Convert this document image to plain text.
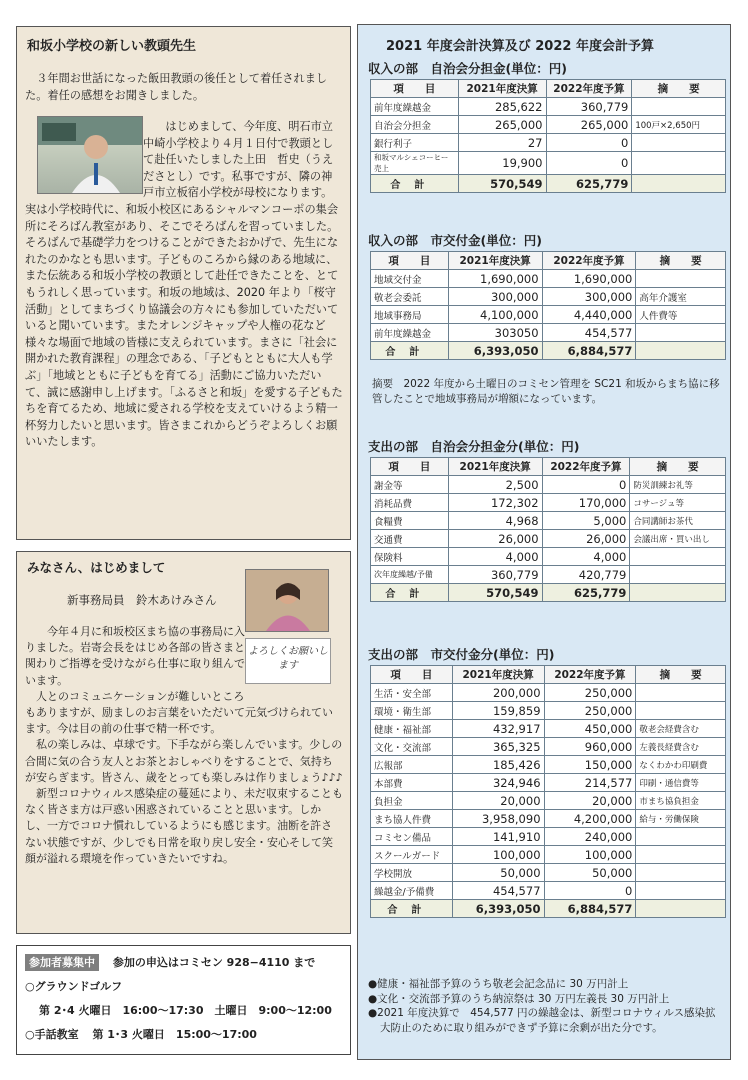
和坂小学校の新しい教頭先生

３年間お世話になった飯田教頭の後任として着任されました。着任の感想をお聞きしました。

はじめまして、今年度、明石市立中崎小学校より４月１日付で教頭として赴任いたしました上田　哲史（うえださとし）です。私事ですが、隣の神戸市立板宿小学校が母校になります。実は小学校時代に、和坂小校区にあるシャルマンコーポの集会所にそろばん教室があり、そこでそろばんを習っていました。そろばんで基礎学力をつけることができたおかげで、先生になれたのかなとも思います。子どものころから縁のある地域に、また伝統ある和坂小学校の教頭として赴任できたことを、とてもうれしく思っています。和坂の地域は、2020 年より「桜守活動」としてまちづくり協議会の方々にも参加していただいていると聞いています。またオレンジキャップや人権の花など様々な場面で地域の皆様に支えられています。まさに「社会に開かれた教育課程」の理念である、「子どもとともに大人も学ぶ」「地域とともに子どもを育てる」活動にご協力いただいて、誠に感謝申し上げます。「ふるさと和坂」を愛する子どもたちを育てるため、地域に愛される学校を支えていけるよう精一杯努力したいと思います。皆さまこれからどうぞよろしくお願いいたします。

みなさん、はじめまして
新事務局員　鈴木あけみさん

今年４月に和坂校区まち協の事務局に入りました。岩寄会長をはじめ各部の皆さまと関わりご指導を受けながら仕事に取り組んでいます。

人とのコミュニケーションが難しいところもありますが、励ましのお言葉をいただいて元気づけられています。今は目の前の仕事で精一杯です。

私の楽しみは、卓球です。下手ながら楽しんでいます。少しの合間に気の合う友人とお茶とおしゃべりをすることで、気持ちが安らぎます。皆さん、歳をとっても楽しみは作りましょう♪♪♪

新型コロナウィルス感染症の蔓延により、未だ収束することもなく皆さま方は戸惑い困惑されていることと思います。しかし、一方でコロナ慣れしているようにも感じます。油断を許さない状態ですが、少しでも日常を取り戻し安全・安心そして笑顔が溢れる環境を作っていきたいですね。

よろしくお願いします
参加者募集中 参加の申込はコミセン 928−4110 まで
○グラウンドゴルフ
第 2･4 火曜日　16:00〜17:30　土曜日　9:00〜12:00
○手話教室 第 1･3 火曜日　15:00〜17:00
2021 年度会計決算及び 2022 年度会計予算
収入の部　自治会分担金(単位：円)
項　　目	2021年度決算	2022年度予算	摘　　要
前年度繰越金	285,622	360,779	
自治会分担金	265,000	265,000	100戸×2,650円
銀行利子	27	0	
和坂マルシェコーヒー売上	19,900	0	
合計	570,549	625,779	
収入の部　市交付金(単位：円)
項　　目	2021年度決算	2022年度予算	摘　　要
地域交付金	1,690,000	1,690,000	
敬老会委託	300,000	300,000	高年介護室
地域事務局	4,100,000	4,440,000	人件費等
前年度繰越金	303050	454,577	
合計	6,393,050	6,884,577	
摘要　2022 年度から土曜日のコミセン管理を SC21 和坂からまち協に移管したことで地域事務局が増額になっています。
支出の部　自治会分担金分(単位：円)
項　　目	2021年度決算	2022年度予算	摘　　要
謝金等	2,500	0	防災訓練お礼等
消耗品費	172,302	170,000	コサージュ等
食糧費	4,968	5,000	合同講師お茶代
交通費	26,000	26,000	会議出席・買い出し
保険料	4,000	4,000	
次年度繰越/予備	360,779	420,779	
合計	570,549	625,779	
支出の部　市交付金分(単位：円)
項　　目	2021年度決算	2022年度予算	摘　　要
生活・安全部	200,000	250,000	
環境・衛生部	159,859	250,000	
健康・福祉部	432,917	450,000	敬老会経費含む
文化・交流部	365,325	960,000	左義長経費含む
広報部	185,426	150,000	なくわかわ印刷費
本部費	324,946	214,577	印刷・通信費等
負担金	20,000	20,000	市まち協負担金
まち協人件費	3,958,090	4,200,000	給与・労働保険
コミセン備品	141,910	240,000	
スクールガード	100,000	100,000	
学校開放	50,000	50,000	
繰越金/予備費	454,577	0	
合計	6,393,050	6,884,577	
●健康・福祉部予算のうち敬老会記念品に 30 万円計上
●文化・交流部予算のうち納涼祭は 30 万円左義長 30 万円計上
●2021 年度決算で　454,577 円の繰越金は、新型コロナウィルス感染拡大防止のために取り組みができず予算に余剰が出た分です。
